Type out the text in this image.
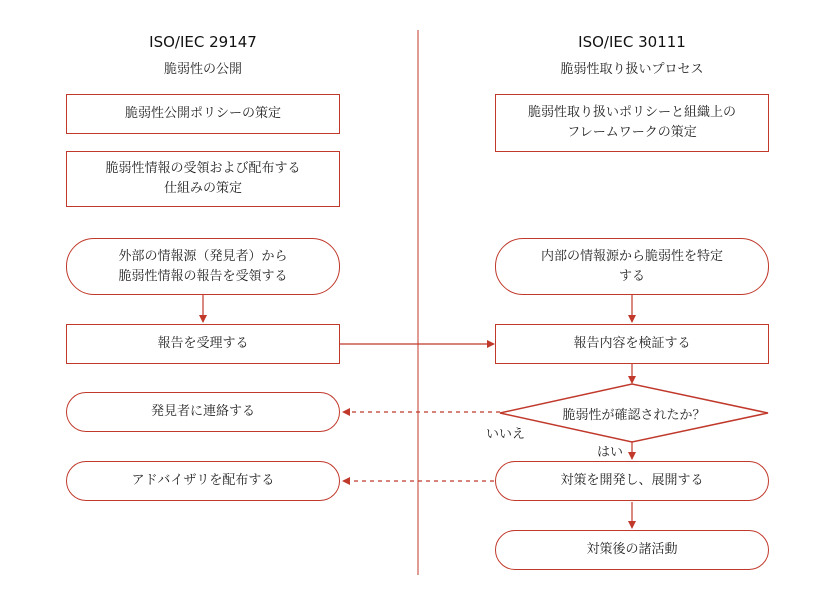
ISO/IEC 29147
脆弱性の公開
ISO/IEC 30111
脆弱性取り扱いプロセス
脆弱性公開ポリシーの策定
脆弱性情報の受領および配布する
仕組みの策定
外部の情報源（発見者）から
脆弱性情報の報告を受領する
報告を受理する
発見者に連絡する
アドバイザリを配布する
脆弱性取り扱いポリシーと組織上の
フレームワークの策定
内部の情報源から脆弱性を特定
する
報告内容を検証する
脆弱性が確認されたか？
対策を開発し、展開する
対策後の諸活動
いいえ
はい
